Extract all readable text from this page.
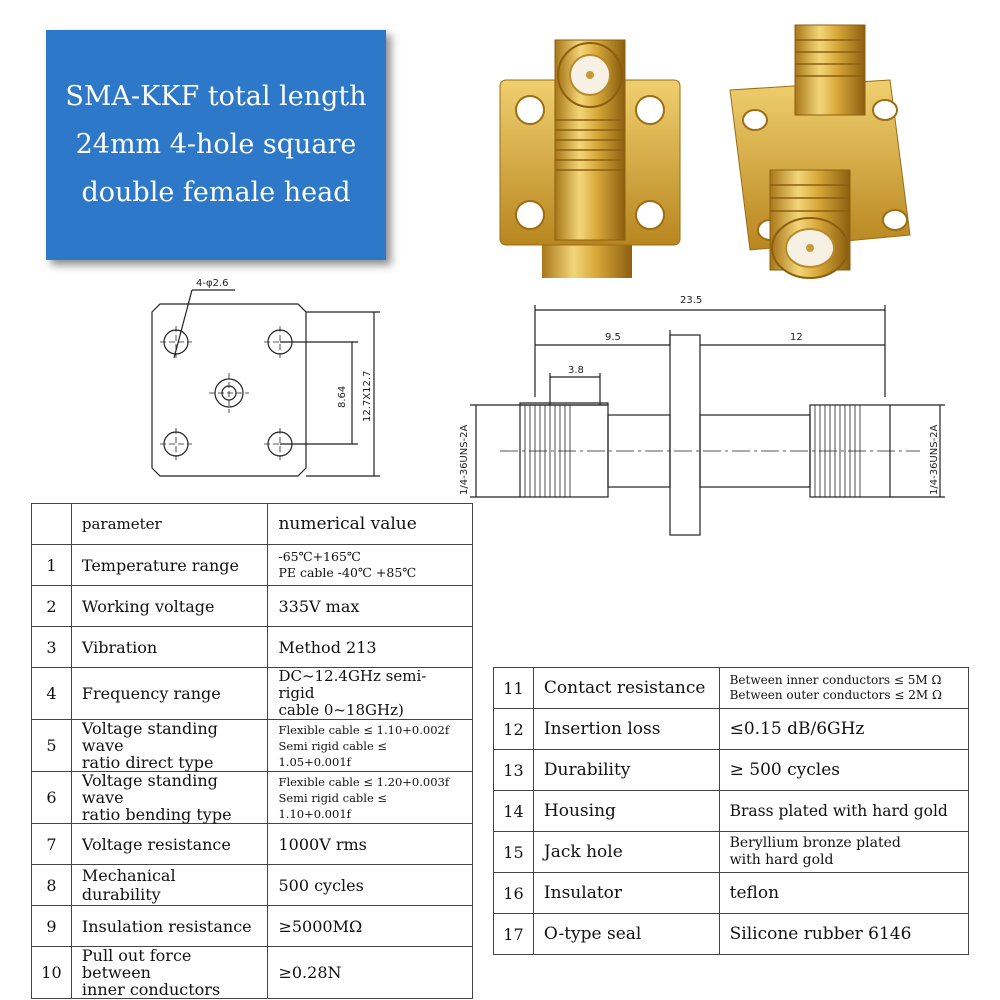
SMA-KKF total length
24mm 4-hole square
double female head
4-φ2.6
8.64 12.7X12.7
23.5
9.5	12
3.8
1/4-36UNS-2A	1/4-36UNS-2A
	parameter	numerical value
1	Temperature range	-65℃+165℃
PE cable -40℃ +85℃

2	Working voltage	335V max
3	Vibration	Method 213
4	Frequency range	DC~12.4GHz semi-rigid
cable 0~18GHz)

5	Voltage standing wave
ratio direct type	Flexible cable ≤ 1.10+0.002f
Semi rigid cable ≤ 1.05+0.001f

6	Voltage standing wave
ratio bending type	Flexible cable ≤ 1.20+0.003f
Semi rigid cable ≤ 1.10+0.001f

7	Voltage resistance	1000V rms
8	Mechanical durability	500 cycles
9	Insulation resistance	≥5000MΩ
10	Pull out force between
inner conductors	≥0.28N
11	Contact resistance	Between inner conductors ≤ 5M Ω
Between outer conductors ≤ 2M Ω

12	Insertion loss	≤0.15 dB/6GHz
13	Durability	≥ 500 cycles
14	Housing	Brass plated with hard gold
15	Jack hole	Beryllium bronze plated
with hard gold

16	Insulator	teflon
17	O-type seal	Silicone rubber 6146
